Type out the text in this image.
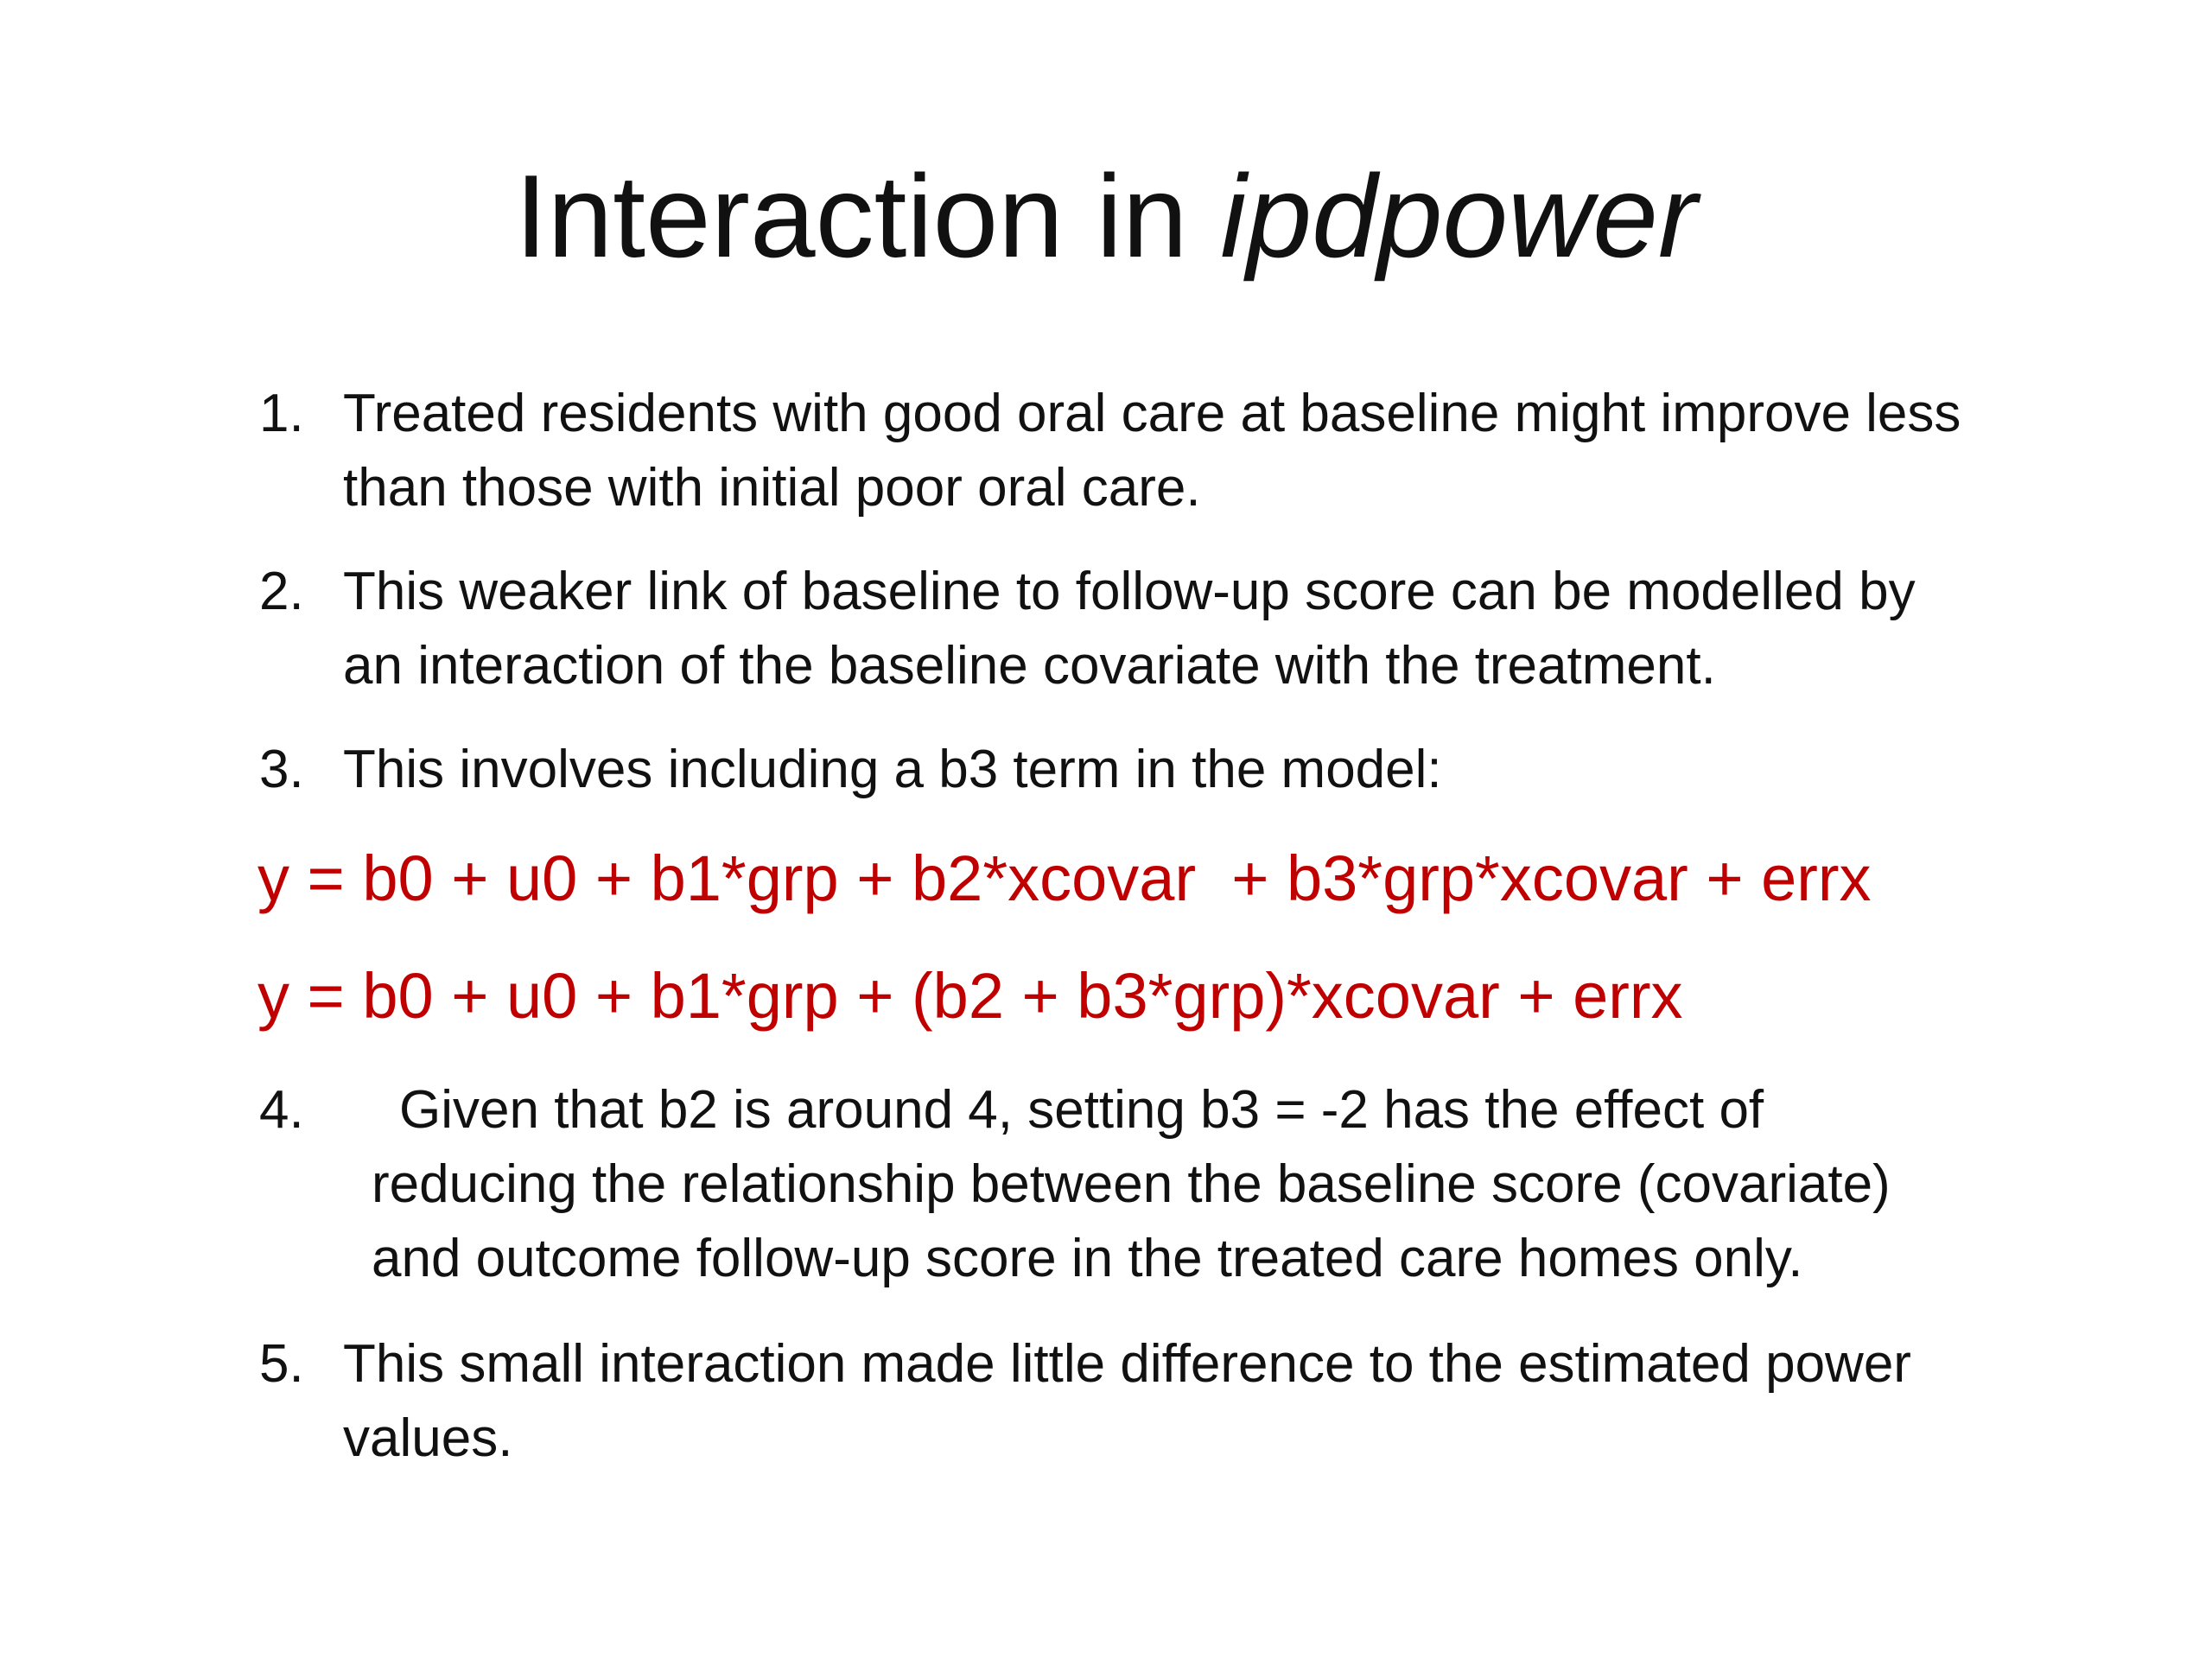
Interaction in ipdpower
1. Treated residents with good oral care at baseline might improve less
than those with initial poor oral care.
2. This weaker link of baseline to follow-up score can be modelled by
an interaction of the baseline covariate with the treatment.
3. This involves including a b3 term in the model:
y = b0 + u0 + b1*grp + b2*xcovar  + b3*grp*xcovar + errx
y = b0 + u0 + b1*grp + (b2 + b3*grp)*xcovar + errx
4.	Given that b2 is around 4, setting b3 = -2 has the effect of
reducing the relationship between the baseline score (covariate)
and outcome follow-up score in the treated care homes only.
5. This small interaction made little difference to the estimated power
values.
